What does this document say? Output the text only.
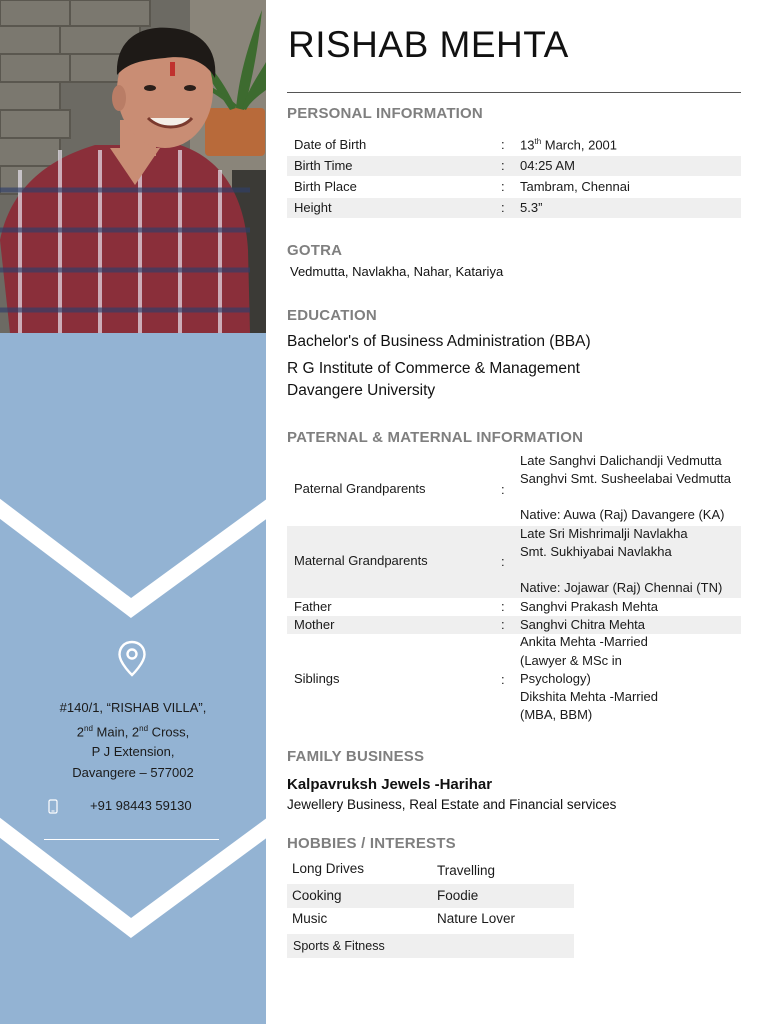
#140/1, “RISHAB VILLA”,
2nd Main, 2nd Cross,
P J Extension,
Davangere – 577002
+91 98443 59130
RISHAB MEHTA
PERSONAL INFORMATION
Date of Birth	: 13th March, 2001
Birth Time	: 04:25 AM
Birth Place	: Tambram, Chennai
Height	: 5.3”
GOTRA
Vedmutta, Navlakha, Nahar, Katariya
EDUCATION
Bachelor's of Business Administration (BBA)
R G Institute of Commerce & Management
Davangere University
PATERNAL & MATERNAL INFORMATION
Paternal Grandparents	:
Late Sanghvi Dalichandji Vedmutta
Sanghvi Smt. Susheelabai Vedmutta
Native: Auwa (Raj) Davangere (KA)
Maternal Grandparents	:
Late Sri Mishrimalji Navlakha
Smt. Sukhiyabai Navlakha
Native: Jojawar (Raj) Chennai (TN)
Father	: Sanghvi Prakash Mehta
Mother	: Sanghvi Chitra Mehta
Siblings	:
Ankita Mehta -Married
(Lawyer & MSc in
Psychology)
Dikshita Mehta -Married
(MBA, BBM)
FAMILY BUSINESS
Kalpavruksh Jewels -Harihar
Jewellery Business, Real Estate and Financial services
HOBBIES / INTERESTS
Long Drives	Travelling
Cooking	Foodie
Music	Nature Lover
Sports & Fitness
